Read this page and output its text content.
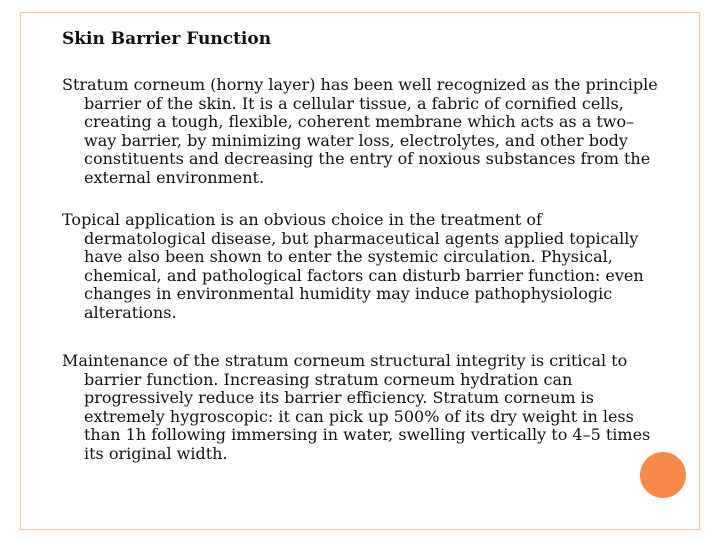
Skin Barrier Function

Stratum corneum (horny layer) has been well recognized as the principle barrier of the skin. It is a cellular tissue, a fabric of cornified cells, creating a tough, flexible, coherent membrane which acts as a two–way barrier, by minimizing water loss, electrolytes, and other body constituents and decreasing the entry of noxious substances from the external environment.

Topical application is an obvious choice in the treatment of dermatological disease, but pharmaceutical agents applied topically have also been shown to enter the systemic circulation. Physical, chemical, and pathological factors can disturb barrier function: even changes in environmental humidity may induce pathophysiologic alterations.

Maintenance of the stratum corneum structural integrity is critical to barrier function. Increasing stratum corneum hydration can progressively reduce its barrier efficiency. Stratum corneum is extremely hygroscopic: it can pick up 500% of its dry weight in less than 1h following immersing in water, swelling vertically to 4–5 times its original width.
